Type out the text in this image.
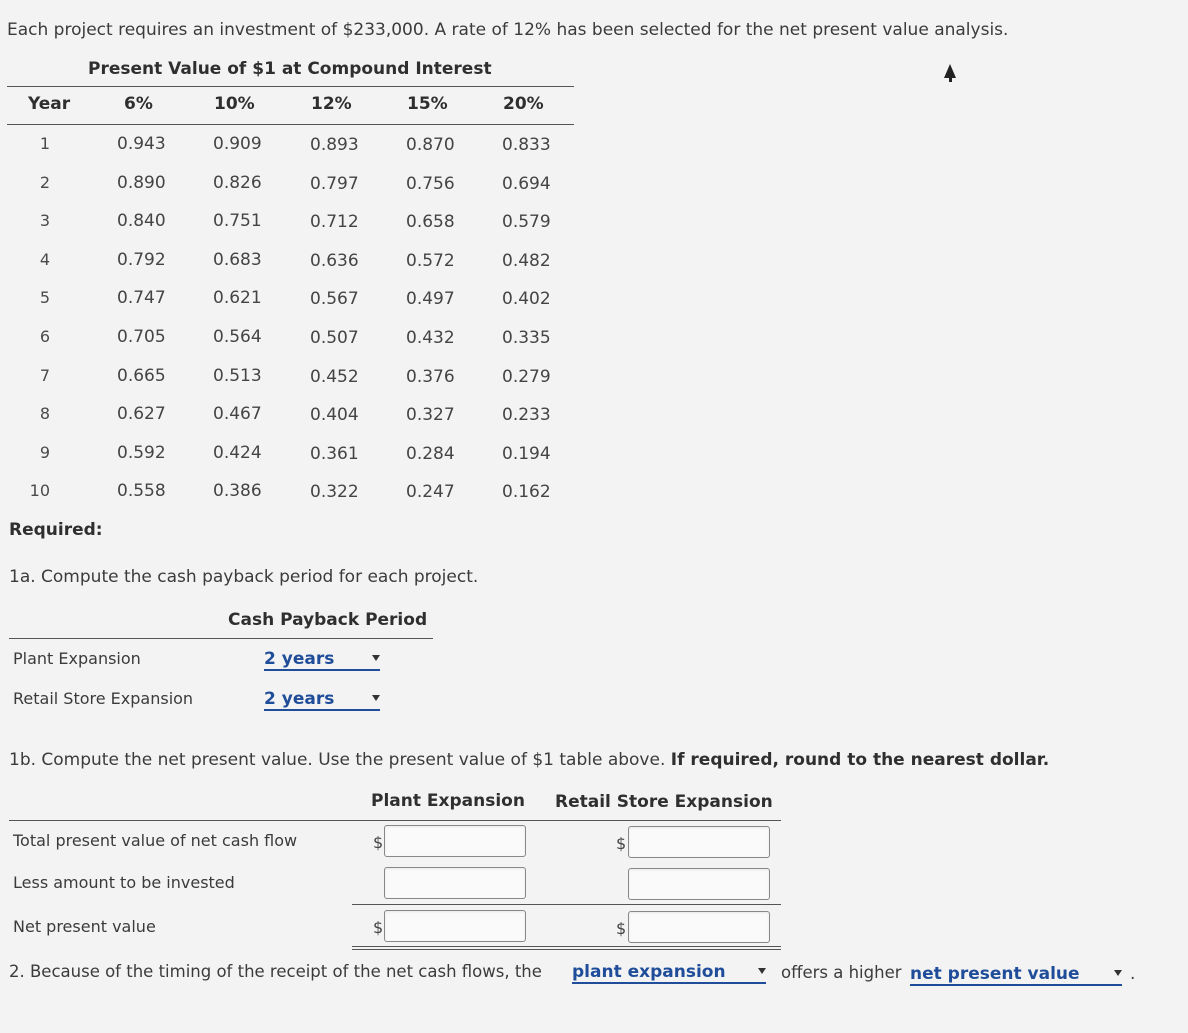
Each project requires an investment of $233,000. A rate of 12% has been selected for the net present value analysis.
Present Value of $1 at Compound Interest
Year	6%	10%	12%	15%	20%
1	0.943	0.909	0.893	0.870	0.833
2	0.890	0.826	0.797	0.756	0.694
3	0.840	0.751	0.712	0.658	0.579
4	0.792	0.683	0.636	0.572	0.482
5	0.747	0.621	0.567	0.497	0.402
6	0.705	0.564	0.507	0.432	0.335
7	0.665	0.513	0.452	0.376	0.279
8	0.627	0.467	0.404	0.327	0.233
9	0.592	0.424	0.361	0.284	0.194
10	0.558	0.386	0.322	0.247	0.162
Required:
1a. Compute the cash payback period for each project.
Cash Payback Period
Plant Expansion	2 years
Retail Store Expansion	2 years
1b. Compute the net present value. Use the present value of $1 table above. If required, round to the nearest dollar.
Plant Expansion Retail Store Expansion
Total present value of net cash flow	$	$
Less amount to be invested
Net present value	$	$
2. Because of the timing of the receipt of the net cash flows, the plant expansion	offers a higher net present value	.
